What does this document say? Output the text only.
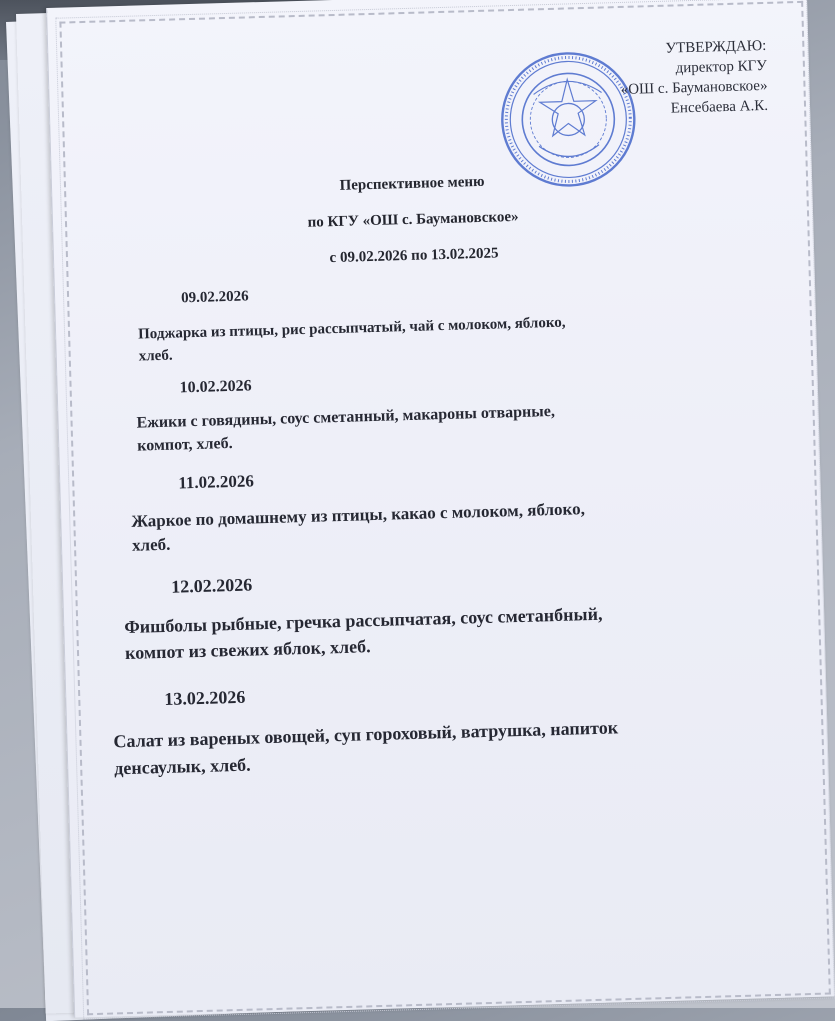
УТВЕРЖДАЮ:
директор КГУ
«ОШ с. Баумановское»
Енсебаева А.К.
Перспективное меню
по КГУ «ОШ с. Баумановское»
с 09.02.2026 по 13.02.2025
09.02.2026
Поджарка из птицы, рис рассыпчатый, чай с молоком, яблоко,
хлеб.
10.02.2026
Ежики с говядины, соус сметанный, макароны отварные,
компот, хлеб.
11.02.2026
Жаркое по домашнему из птицы, какао с молоком, яблоко,
хлеб.
12.02.2026
Фишболы рыбные, гречка рассыпчатая, соус сметанбный,
компот из свежих яблок, хлеб.
13.02.2026
Салат из вареных овощей, суп гороховый, ватрушка, напиток
денсаулык, хлеб.
